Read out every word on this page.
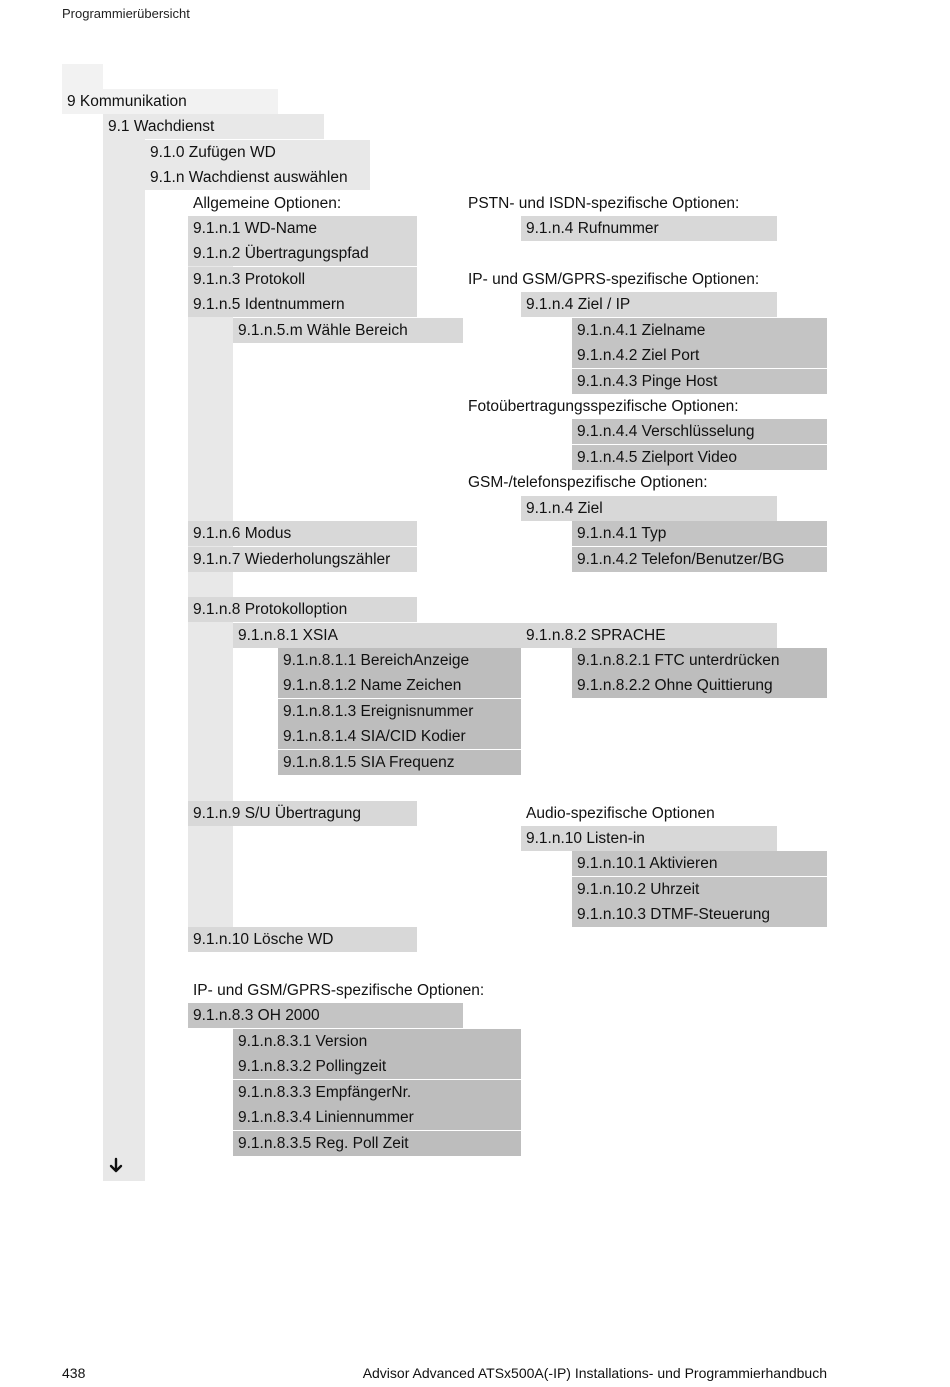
Programmierübersicht
9 Kommunikation
9.1 Wachdienst
9.1.0 Zufügen WD
9.1.n Wachdienst auswählen
Allgemeine Optionen:
9.1.n.1 WD-Name
9.1.n.2 Übertragungspfad
9.1.n.3 Protokoll
9.1.n.5 Identnummern
9.1.n.5.m Wähle Bereich
9.1.n.6 Modus
9.1.n.7 Wiederholungszähler
9.1.n.8 Protokolloption
9.1.n.8.1 XSIA	9.1.n.8.2 SPRACHE
9.1.n.8.1.1 BereichAnzeige
9.1.n.8.1.2 Name Zeichen
9.1.n.8.1.3 Ereignisnummer
9.1.n.8.1.4 SIA/CID Kodier
9.1.n.8.1.5 SIA Frequenz
9.1.n.8.2.1 FTC unterdrücken
9.1.n.8.2.2 Ohne Quittierung
9.1.n.9 S/U Übertragung
9.1.n.10 Lösche WD
PSTN- und ISDN-spezifische Optionen:
9.1.n.4 Rufnummer
IP- und GSM/GPRS-spezifische Optionen:
9.1.n.4 Ziel / IP
9.1.n.4.1 Zielname
9.1.n.4.2 Ziel Port
9.1.n.4.3 Pinge Host
Fotoübertragungsspezifische Optionen:
9.1.n.4.4 Verschlüsselung
9.1.n.4.5 Zielport Video
GSM-/telefonspezifische Optionen:
9.1.n.4 Ziel
9.1.n.4.1 Typ
9.1.n.4.2 Telefon/Benutzer/BG
Audio-spezifische Optionen
9.1.n.10 Listen-in
9.1.n.10.1 Aktivieren
9.1.n.10.2 Uhrzeit
9.1.n.10.3 DTMF-Steuerung
IP- und GSM/GPRS-spezifische Optionen:
9.1.n.8.3 OH 2000
9.1.n.8.3.1 Version
9.1.n.8.3.2 Pollingzeit
9.1.n.8.3.3 EmpfängerNr.
9.1.n.8.3.4 Liniennummer
9.1.n.8.3.5 Reg. Poll Zeit
438	Advisor Advanced ATSx500A(-IP) Installations- und Programmierhandbuch
